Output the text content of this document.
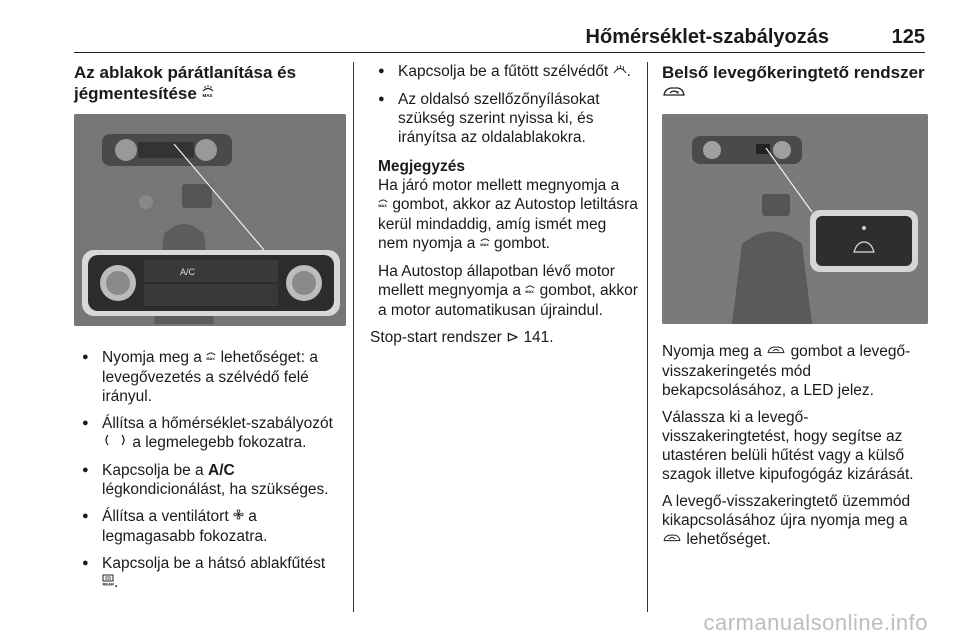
Hőmérséklet-szabályozás	125
Az ablakok párátlanítása és jégmentesítése MAX
A/C
● Nyomja meg a MAX lehetőséget: a levegővezetés a szélvédő felé irányul.
● Állítsa a hőmérséklet-szabályozót  a legmelegebb fokozatra.
● Kapcsolja be a A/C légkondicionálást, ha szükséges.
● Állítsa a ventilátort a legmagasabb fokozatra.
● Kapcsolja be a hátsó ablakfűtést

REAR .
● Kapcsolja be a fűtött szélvédőt .
● Az oldalsó szellőzőnyílásokat szükség szerint nyissa ki, és irányítsa az oldalablakokra.

Megjegyzés

Ha járó motor mellett megnyomja a

MAX gombot, akkor az Autostop letiltásra kerül mindaddig, amíg ismét meg nem nyomja a MAX gombot.

Ha Autostop állapotban lévő motor mellett megnyomja a MAX gombot, akkor a motor automatikusan újraindul.

Stop-start rendszer ⊳ 141.

Belső levegőkeringtető rendszer

Nyomja meg a gombot a levegő-visszakeringetés mód bekapcsolásához, a LED jelez.

Válassza ki a levegő-visszakeringtetést, hogy segítse az utastéren belüli hűtést vagy a külső szagok illetve kipufogógáz kizárását.

A levegő-visszakeringtető üzemmód kikapcsolásához újra nyomja meg a
lehetőséget.

carmanualsonline.info
